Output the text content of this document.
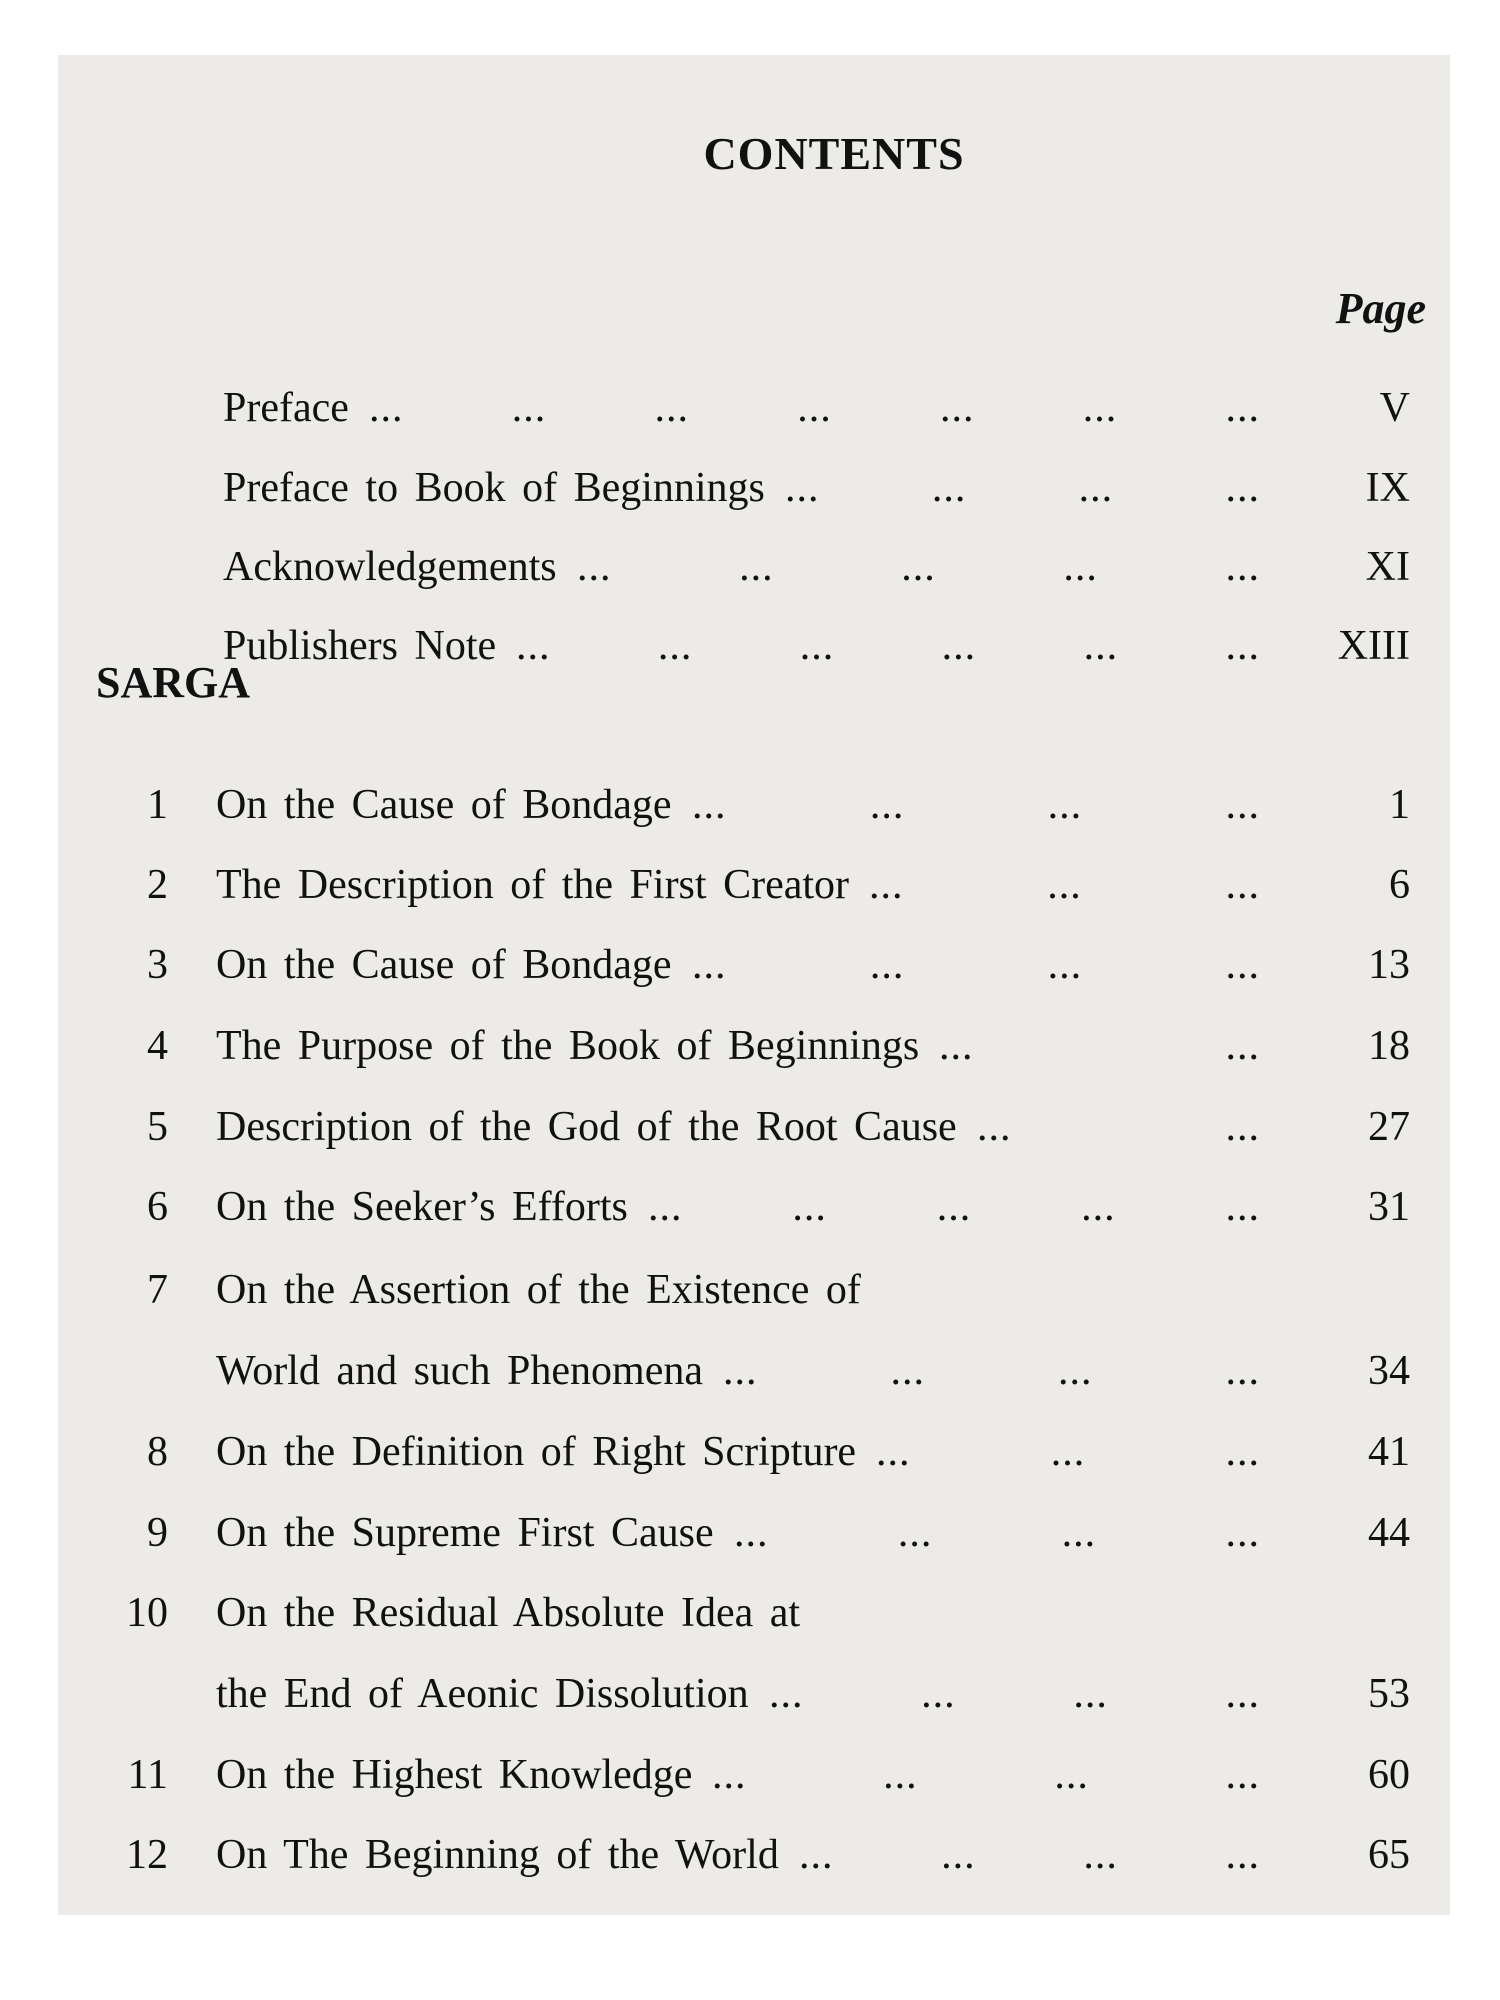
CONTENTS
Page
Preface	V
...	...	...	...	...	...	...
Preface to Book of Beginnings	IX
...	...	...	...
Acknowledgements	XI
...	...	...	...	...
Publishers Note	XIII
...	...	...	...	...	...
SARGA
1 On the Cause of Bondage	1
...	...	...	...
2 The Description of the First Creator	6
...	...	...
3 On the Cause of Bondage	13
...	...	...	...
4 The Purpose of the Book of Beginnings	18
...	...
5 Description of the God of the Root Cause	27
...	...
6 On the Seeker’s Efforts	31
...	...	...	...	...
7 On the Assertion of the Existence of
World and such Phenomena	34
...	...	...	...
8 On the Definition of Right Scripture	41
...	...	...
9 On the Supreme First Cause	44
...	...	...	...
10 On the Residual Absolute Idea at
the End of Aeonic Dissolution	53
...	...	...	...
11 On the Highest Knowledge	60
...	...	...	...
12 On The Beginning of the World	65
...	...	...	...
